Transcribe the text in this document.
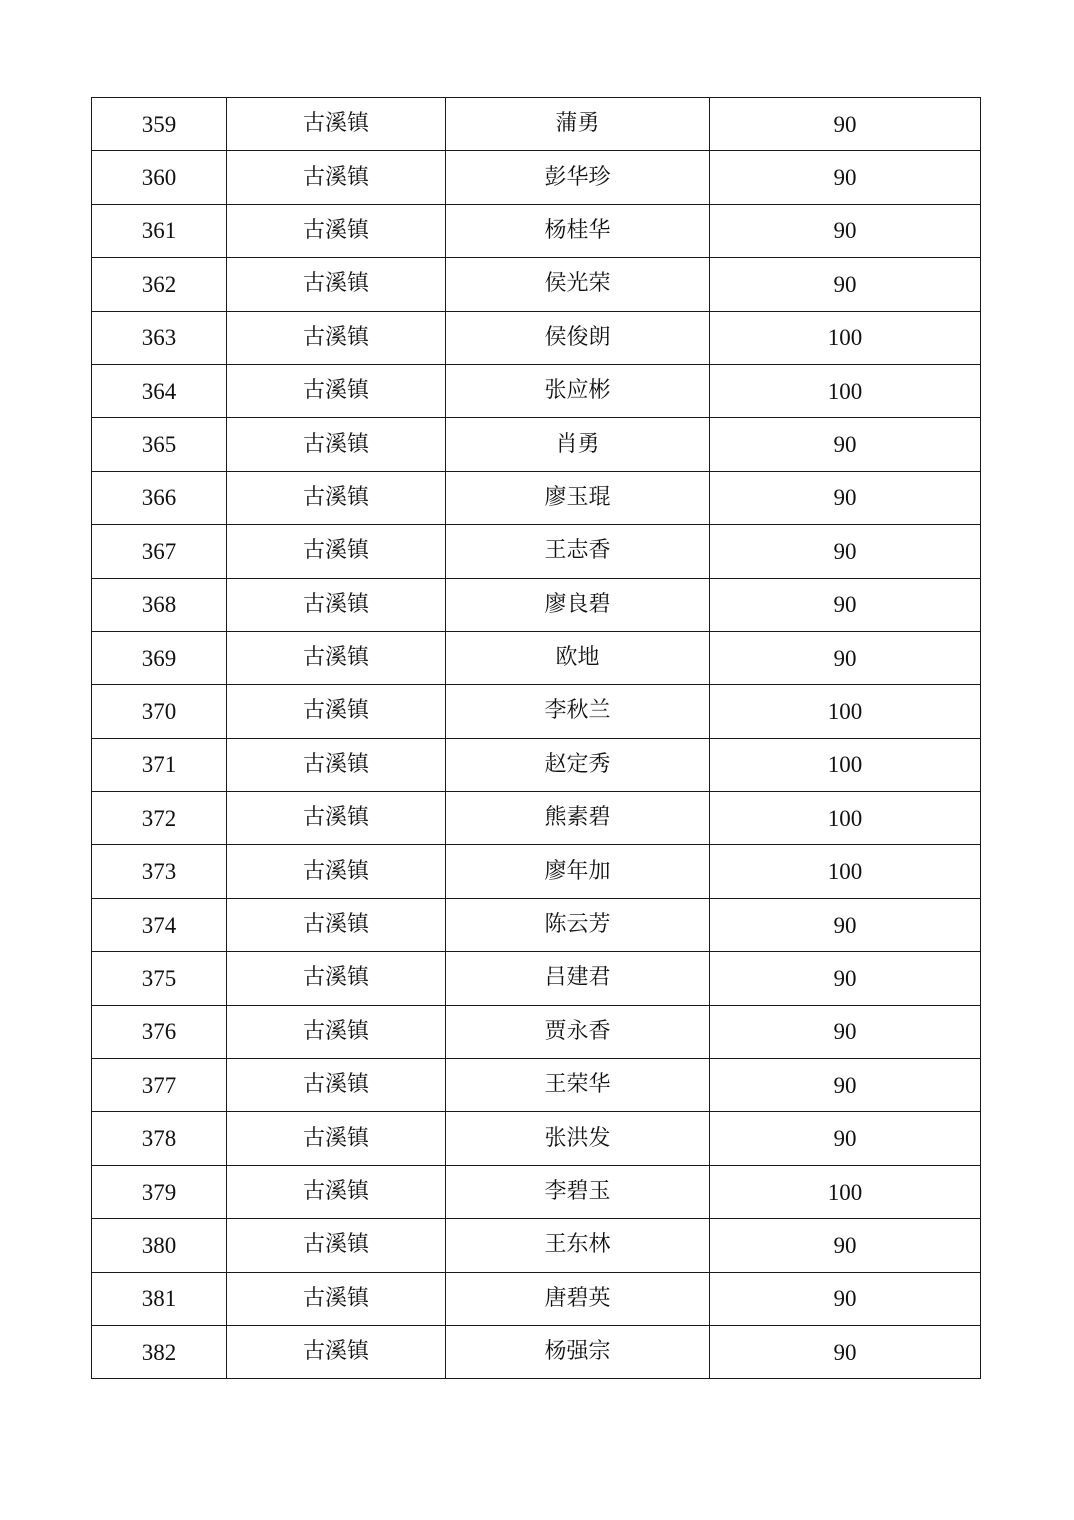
359	古溪镇	蒲勇	90
360	古溪镇	彭华珍	90
361	古溪镇	杨桂华	90
362	古溪镇	侯光荣	90
363	古溪镇	侯俊朗	100
364	古溪镇	张应彬	100
365	古溪镇	肖勇	90
366	古溪镇	廖玉琨	90
367	古溪镇	王志香	90
368	古溪镇	廖良碧	90
369	古溪镇	欧地	90
370	古溪镇	李秋兰	100
371	古溪镇	赵定秀	100
372	古溪镇	熊素碧	100
373	古溪镇	廖年加	100
374	古溪镇	陈云芳	90
375	古溪镇	吕建君	90
376	古溪镇	贾永香	90
377	古溪镇	王荣华	90
378	古溪镇	张洪发	90
379	古溪镇	李碧玉	100
380	古溪镇	王东林	90
381	古溪镇	唐碧英	90
382	古溪镇	杨强宗	90
